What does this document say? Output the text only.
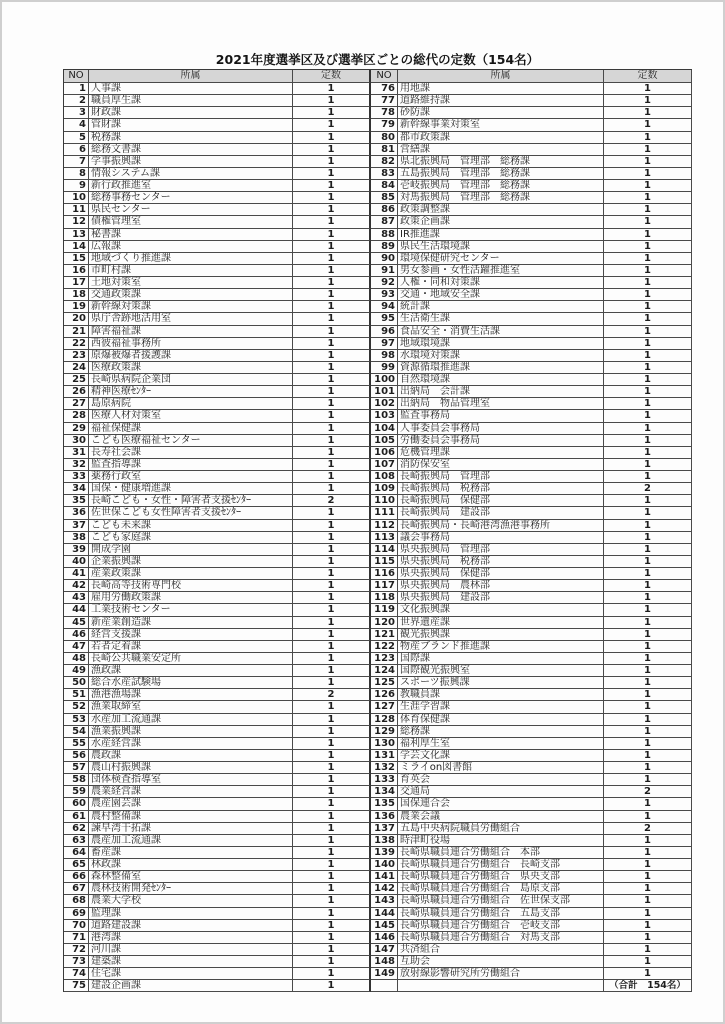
2021年度選挙区及び選挙区ごとの総代の定数（154名）
NO	所属	定数	NO	所属	定数
1 人事課	1	76 用地課	1
2 職員厚生課	1	77 道路維持課	1
3 財政課	1	78 砂防課	1
4 管財課	1	79 新幹線事業対策室	1
5 税務課	1	80 都市政策課	1
6 総務文書課	1	81 営繕課	1
7 学事振興課	1	82 県北振興局　管理部　総務課	1
8 情報システム課	1	83 五島振興局　管理部　総務課	1
9 新行政推進室	1	84 壱岐振興局　管理部　総務課	1
10 総務事務センター	1	85 対馬振興局　管理部　総務課	1
11 県民センター	1	86 政策調整課	1
12 債権管理室	1	87 政策企画課	1
13 秘書課	1	88 IR推進課	1
14 広報課	1	89 県民生活環境課	1
15 地域づくり推進課	1	90 環境保健研究センター	1
16 市町村課	1	91 男女参画・女性活躍推進室	1
17 土地対策室	1	92 人権・同和対策課	1
18 交通政策課	1	93 交通・地域安全課	1
19 新幹線対策課	1	94 統計課	1
20 県庁舎跡地活用室	1	95 生活衛生課	1
21 障害福祉課	1	96 食品安全・消費生活課	1
22 西彼福祉事務所	1	97 地域環境課	1
23 原爆被爆者援護課	1	98 水環境対策課	1
24 医療政策課	1	99 資源循環推進課	1
25 長崎県病院企業団	1	100 自然環境課	1
26 精神医療ｾﾝﾀｰ	1	101 出納局　会計課	1
27 島原病院	1	102 出納局　物品管理室	1
28 医療人材対策室	1	103 監査事務局	1
29 福祉保健課	1	104 人事委員会事務局	1
30 こども医療福祉センター	1	105 労働委員会事務局	1
31 長寿社会課	1	106 危機管理課	1
32 監査指導課	1	107 消防保安室	1
33 薬務行政室	1	108 長崎振興局　管理部	1
34 国保・健康増進課	1	109 長崎振興局　税務部	2
35 長崎こども・女性・障害者支援ｾﾝﾀｰ	2	110 長崎振興局　保健部	1
36 佐世保こども女性障害者支援ｾﾝﾀｰ	1	111 長崎振興局　建設部	1
37 こども未来課	1	112 長崎振興局・長崎港湾漁港事務所	1
38 こども家庭課	1	113 議会事務局	1
39 開成学園	1	114 県央振興局　管理部	1
40 企業振興課	1	115 県央振興局　税務部	1
41 産業政策課	1	116 県央振興局　保健部	1
42 長崎高等技術専門校	1	117 県央振興局　農林部	1
43 雇用労働政策課	1	118 県央振興局　建設部	1
44 工業技術センター	1	119 文化振興課	1
45 新産業創造課	1	120 世界遺産課	1
46 経営支援課	1	121 観光振興課	1
47 若者定着課	1	122 物産ブランド推進課	1
48 長崎公共職業安定所	1	123 国際課	1
49 漁政課	1	124 国際観光振興室	1
50 総合水産試験場	1	125 スポーツ振興課	1
51 漁港漁場課	2	126 教職員課	1
52 漁業取締室	1	127 生涯学習課	1
53 水産加工流通課	1	128 体育保健課	1
54 漁業振興課	1	129 総務課	1
55 水産経営課	1	130 福利厚生室	1
56 農政課	1	131 学芸文化課	1
57 農山村振興課	1	132 ミライon図書館	1
58 団体検査指導室	1	133 育英会	1
59 農業経営課	1	134 交通局	2
60 農産園芸課	1	135 国保連合会	1
61 農村整備課	1	136 農業会議	1
62 諫早湾干拓課	1	137 五島中央病院職員労働組合	2
63 農産加工流通課	1	138 時津町役場	1
64 畜産課	1	139 長崎県職員連合労働組合　本部	1
65 林政課	1	140 長崎県職員連合労働組合　長崎支部	1
66 森林整備室	1	141 長崎県職員連合労働組合　県央支部	1
67 農林技術開発ｾﾝﾀｰ	1	142 長崎県職員連合労働組合　島原支部	1
68 農業大学校	1	143 長崎県職員連合労働組合　佐世保支部	1
69 監理課	1	144 長崎県職員連合労働組合　五島支部	1
70 道路建設課	1	145 長崎県職員連合労働組合　壱岐支部	1
71 港湾課	1	146 長崎県職員連合労働組合　対馬支部	1
72 河川課	1	147 共済組合	1
73 建築課	1	148 互助会	1
74 住宅課	1	149 放射線影響研究所労働組合	1
75 建設企画課	1	（合計　154名）
